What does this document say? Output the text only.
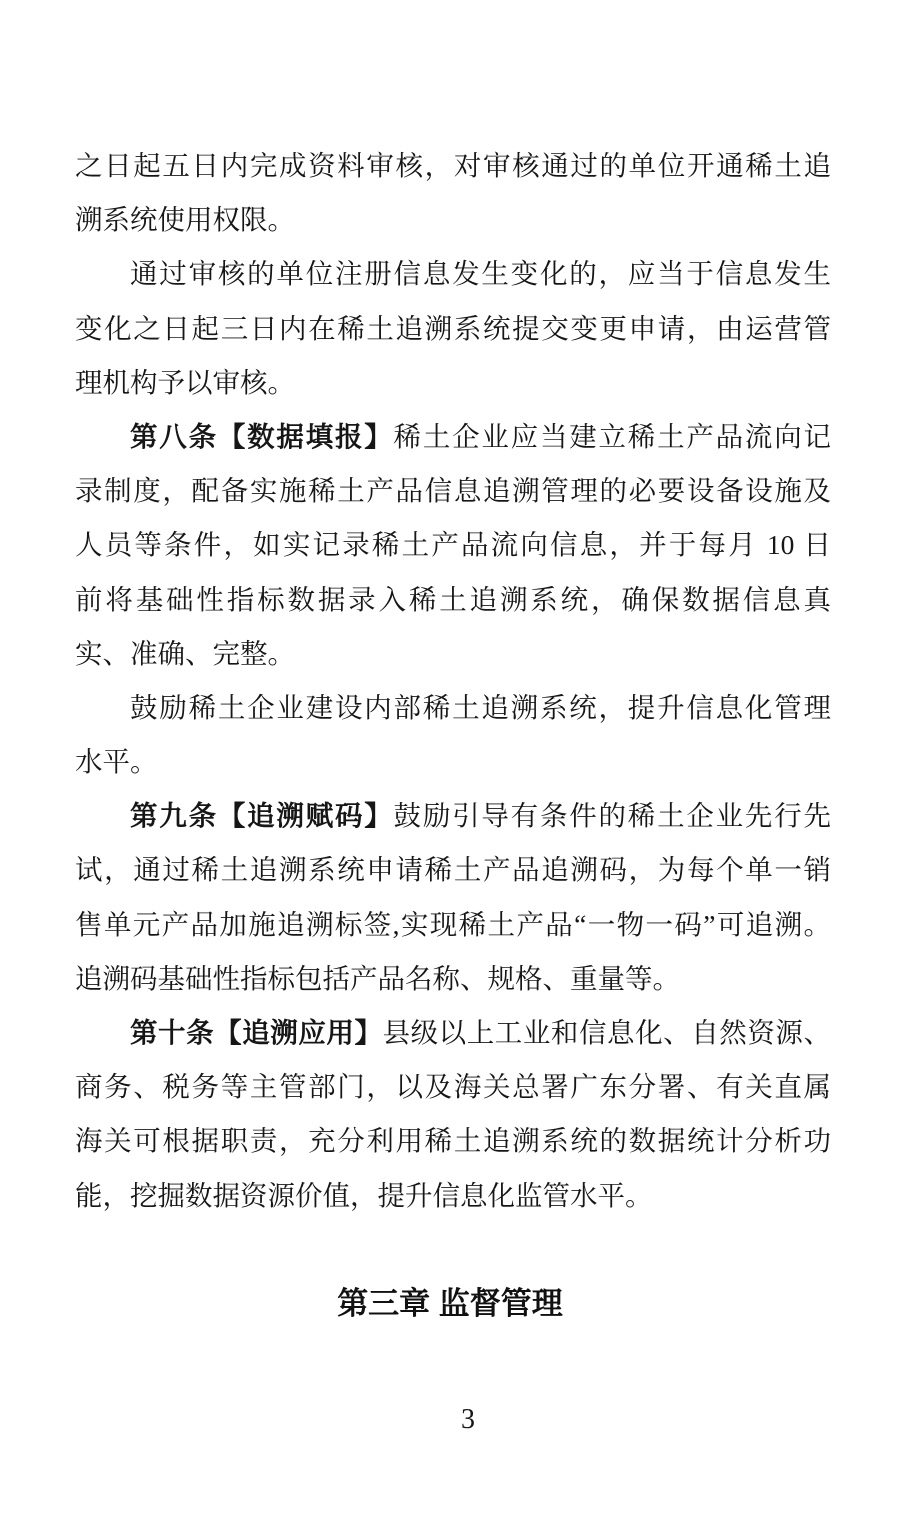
之日起五日内完成资料审核，对审核通过的单位开通稀土追
溯系统使用权限。
通过审核的单位注册信息发生变化的，应当于信息发生
变化之日起三日内在稀土追溯系统提交变更申请，由运营管
理机构予以审核。
第八条【数据填报】稀土企业应当建立稀土产品流向记
录制度，配备实施稀土产品信息追溯管理的必要设备设施及
人员等条件，如实记录稀土产品流向信息，并于每月 10 日
前将基础性指标数据录入稀土追溯系统，确保数据信息真
实、准确、完整。
鼓励稀土企业建设内部稀土追溯系统，提升信息化管理
水平。
第九条【追溯赋码】鼓励引导有条件的稀土企业先行先
试，通过稀土追溯系统申请稀土产品追溯码，为每个单一销
售单元产品加施追溯标签,实现稀土产品“一物一码”可追溯。
追溯码基础性指标包括产品名称、规格、重量等。
第十条【追溯应用】县级以上工业和信息化、自然资源、
商务、税务等主管部门，以及海关总署广东分署、有关直属
海关可根据职责，充分利用稀土追溯系统的数据统计分析功
能，挖掘数据资源价值，提升信息化监管水平。
第三章 监督管理
3
